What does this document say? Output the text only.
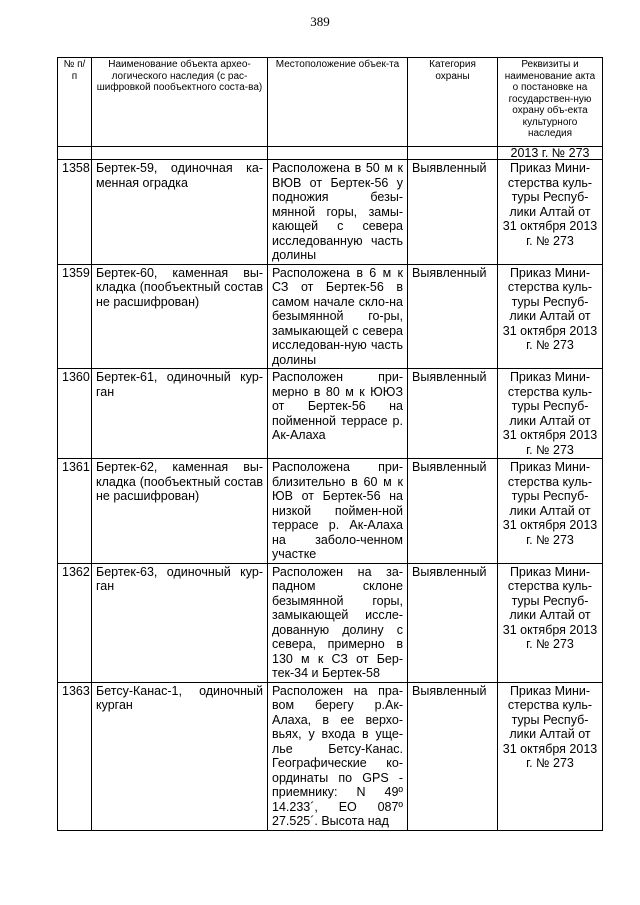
389
№ п/п	Наименование объекта архео-логического наследия (с рас-шифровкой пообъектного соста-ва)	Местоположение объек-та	Категория охраны	Реквизиты и наименование акта о постановке на государствен-ную охрану объ-екта культурного наследия
				2013 г. № 273
1358	Бертек-59, одиночная ка-менная оградка	Расположена в 50 м к ВЮВ от Бертек-56 у подножия безы-мянной горы, замы-кающей с севера исследованную часть долины	Выявленный	Приказ Мини-стерства куль-туры Респуб-лики Алтай от 31 октября 2013 г. № 273
1359	Бертек-60, каменная вы-кладка (пообъектный состав не расшифрован)	Расположена в 6 м к СЗ от Бертек-56 в самом начале скло-на безымянной го-ры, замыкающей с севера исследован-ную часть долины	Выявленный	Приказ Мини-стерства куль-туры Респуб-лики Алтай от 31 октября 2013 г. № 273
1360	Бертек-61, одиночный кур-ган	Расположен при-мерно в 80 м к ЮЮЗ от Бертек-56 на пойменной террасе р. Ак-Алаха	Выявленный	Приказ Мини-стерства куль-туры Респуб-лики Алтай от 31 октября 2013 г. № 273
1361	Бертек-62, каменная вы-кладка (пообъектный состав не расшифрован)	Расположена при-близительно в 60 м к ЮВ от Бертек-56 на низкой поймен-ной террасе р. Ак-Алаха на заболо-ченном участке	Выявленный	Приказ Мини-стерства куль-туры Респуб-лики Алтай от 31 октября 2013 г. № 273
1362	Бертек-63, одиночный кур-ган	Расположен на за-падном склоне безымянной горы, замыкающей иссле-дованную долину с севера, примерно в 130 м к СЗ от Бер-тек-34 и Бертек-58	Выявленный	Приказ Мини-стерства куль-туры Респуб-лики Алтай от 31 октября 2013 г. № 273
1363	Бетсу-Канас-1, одиночный курган	Расположен на пра-вом берегу р.Ак-Алаха, в ее верхо-вьях, у входа в уще-лье Бетсу-Канас. Географические ко-ординаты по GPS - приемнику: N 49º 14.233´, EO 087º 27.525´. Высота над	Выявленный	Приказ Мини-стерства куль-туры Респуб-лики Алтай от 31 октября 2013 г. № 273
